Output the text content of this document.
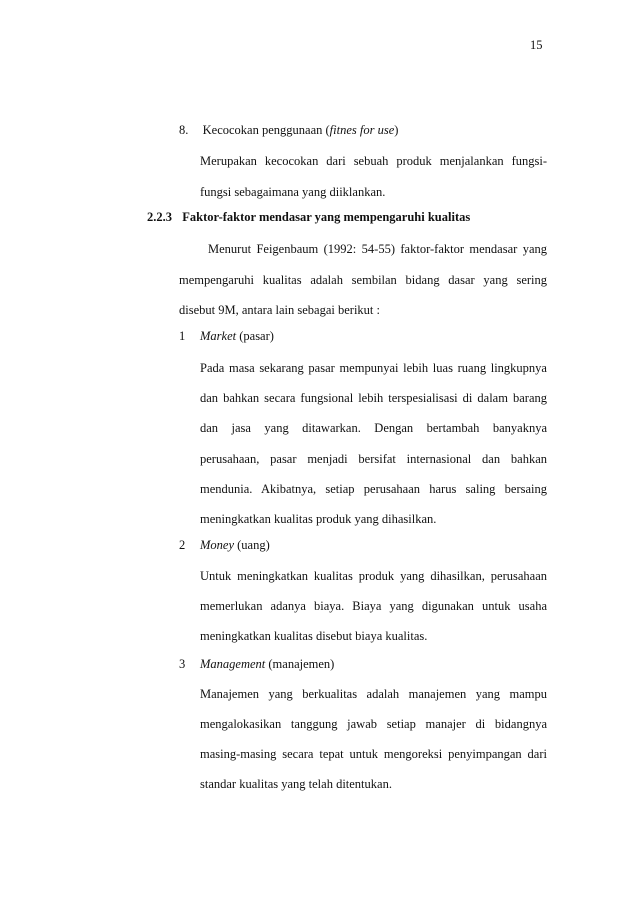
15
8. Kecocokan penggunaan (fitnes for use)
Merupakan kecocokan dari sebuah produk menjalankan fungsi-
fungsi sebagaimana yang diiklankan.
2.2.3 Faktor-faktor mendasar yang mempengaruhi kualitas
Menurut Feigenbaum (1992: 54-55) faktor-faktor mendasar yang
mempengaruhi kualitas adalah sembilan bidang dasar yang sering
disebut 9M, antara lain sebagai berikut :
1 Market (pasar)
Pada masa sekarang pasar mempunyai lebih luas ruang lingkupnya
dan bahkan secara fungsional lebih terspesialisasi di dalam barang
dan jasa yang ditawarkan. Dengan bertambah banyaknya
perusahaan, pasar menjadi bersifat internasional dan bahkan
mendunia. Akibatnya, setiap perusahaan harus saling bersaing
meningkatkan kualitas produk yang dihasilkan.
2 Money (uang)
Untuk meningkatkan kualitas produk yang dihasilkan, perusahaan
memerlukan adanya biaya. Biaya yang digunakan untuk usaha
meningkatkan kualitas disebut biaya kualitas.
3 Management (manajemen)
Manajemen yang berkualitas adalah manajemen yang mampu
mengalokasikan tanggung jawab setiap manajer di bidangnya
masing-masing secara tepat untuk mengoreksi penyimpangan dari
standar kualitas yang telah ditentukan.
